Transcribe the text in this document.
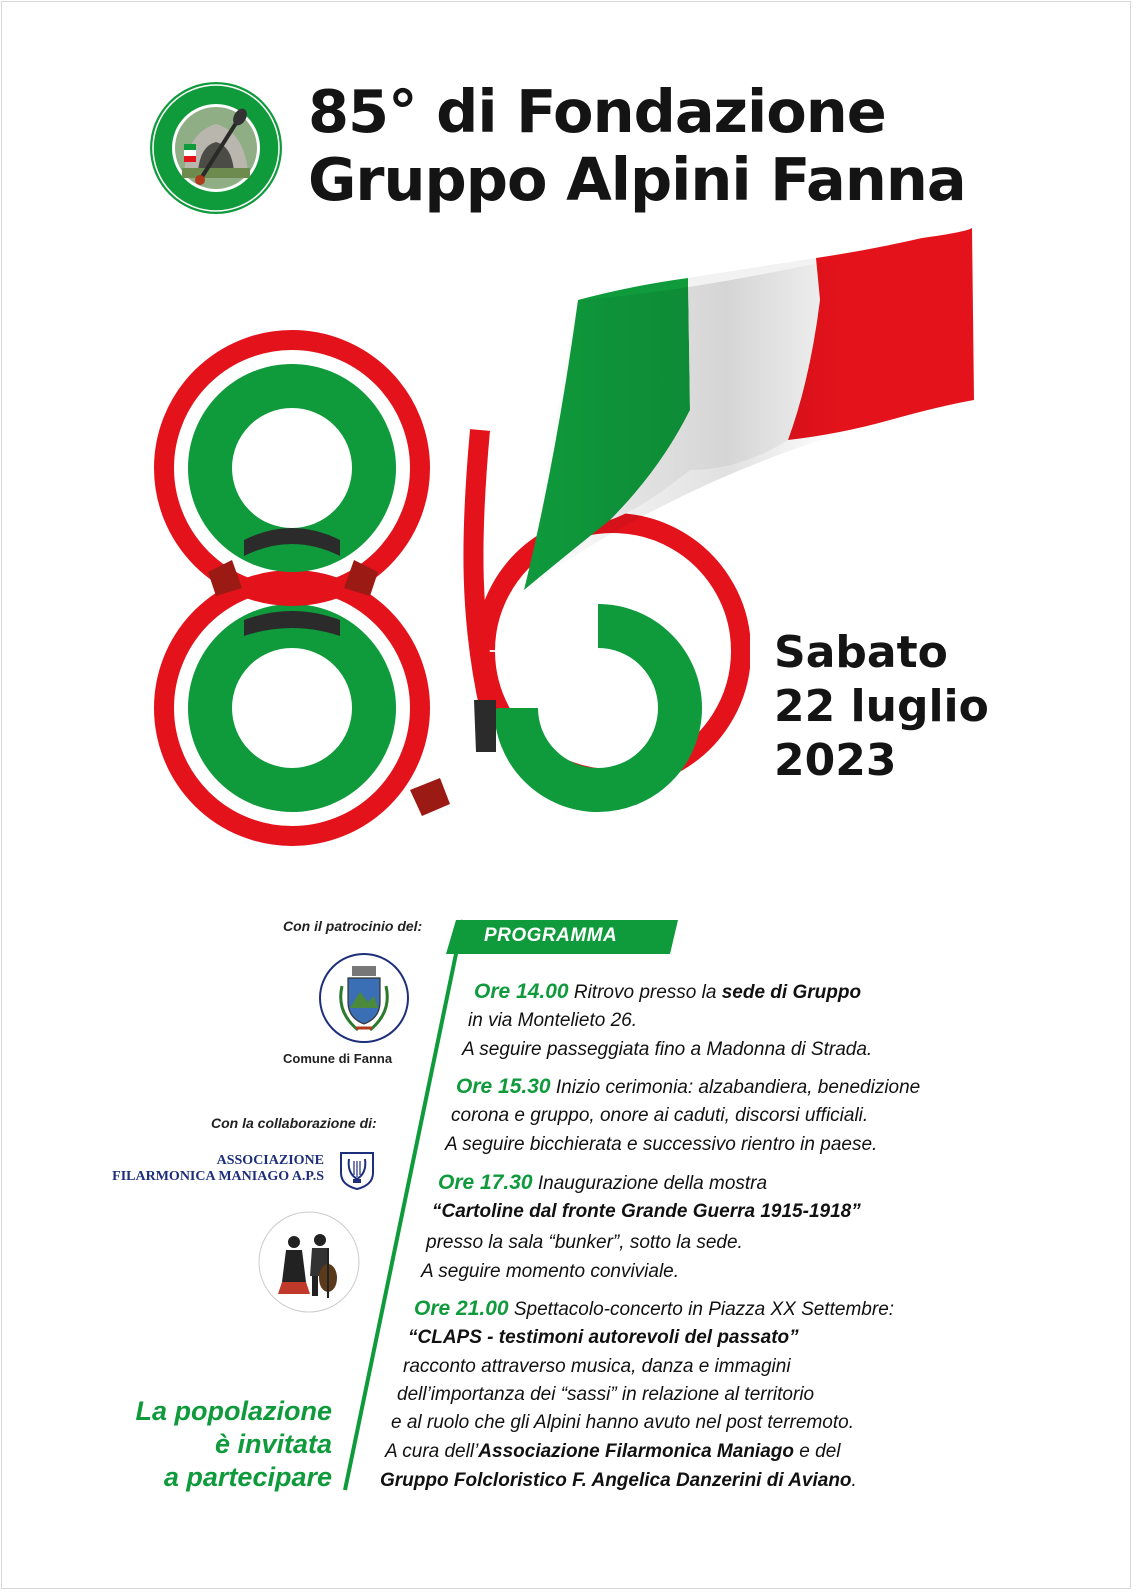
85° di Fondazione
Gruppo Alpini Fanna
Sabato
22 luglio
2023
Con il patrocinio del:
Comune di Fanna
Con la collaborazione di:
ASSOCIAZIONE
FILARMONICA MANIAGO A.P.S
La popolazione
è invitata
a partecipare
PROGRAMMA
Ore 14.00 Ritrovo presso la sede di Gruppo
in via Montelieto 26.
A seguire passeggiata fino a Madonna di Strada.
Ore 15.30 Inizio cerimonia: alzabandiera, benedizione
corona e gruppo, onore ai caduti, discorsi ufficiali.
A seguire bicchierata e successivo rientro in paese.
Ore 17.30 Inaugurazione della mostra
“Cartoline dal fronte Grande Guerra 1915-1918”
presso la sala “bunker”, sotto la sede.
A seguire momento conviviale.
Ore 21.00 Spettacolo-concerto in Piazza XX Settembre:
“CLAPS - testimoni autorevoli del passato”
racconto attraverso musica, danza e immagini
dell’importanza dei “sassi” in relazione al territorio
e al ruolo che gli Alpini hanno avuto nel post terremoto.
A cura dell’Associazione Filarmonica Maniago e del
Gruppo Folcloristico F. Angelica Danzerini di Aviano.
